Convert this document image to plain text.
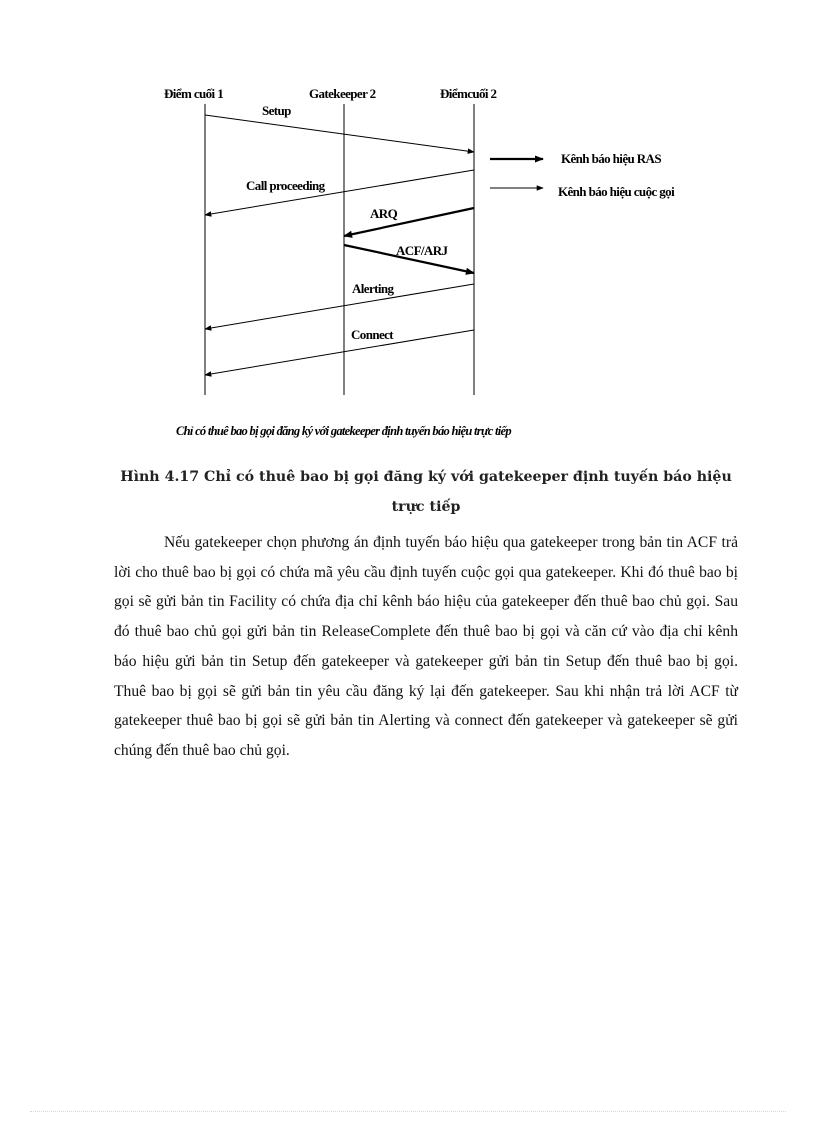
Điểm cuối 1	Gatekeeper 2	Điểmcuối 2
Setup
Call proceeding
ARQ
ACF/ARJ
Alerting
Connect
Kênh báo hiệu RAS
Kênh báo hiệu cuộc gọi
Chỉ có thuê bao bị gọi đăng ký với gatekeeper định tuyến báo hiệu trực tiếp
Hình 4.17 Chỉ có thuê bao bị gọi đăng ký với gatekeeper định tuyến báo hiệu trực tiếp

Nếu gatekeeper chọn phương án định tuyến báo hiệu qua gatekeeper trong bản tin ACF trả lời cho thuê bao bị gọi có chứa mã yêu cầu định tuyến cuộc gọi qua gatekeeper. Khi đó thuê bao bị gọi sẽ gửi bản tin Facility có chứa địa chỉ kênh báo hiệu của gatekeeper đến thuê bao chủ gọi. Sau đó thuê bao chủ gọi gửi bản tin ReleaseComplete đến thuê bao bị gọi và căn cứ vào địa chỉ kênh báo hiệu gửi bản tin Setup đến gatekeeper và gatekeeper gửi bản tin Setup đến thuê bao bị gọi. Thuê bao bị gọi sẽ gửi bản tin yêu cầu đăng ký lại đến gatekeeper. Sau khi nhận trả lời ACF từ gatekeeper thuê bao bị gọi sẽ gửi bản tin Alerting và connect đến gatekeeper và gatekeeper sẽ gửi chúng đến thuê bao chủ gọi.
